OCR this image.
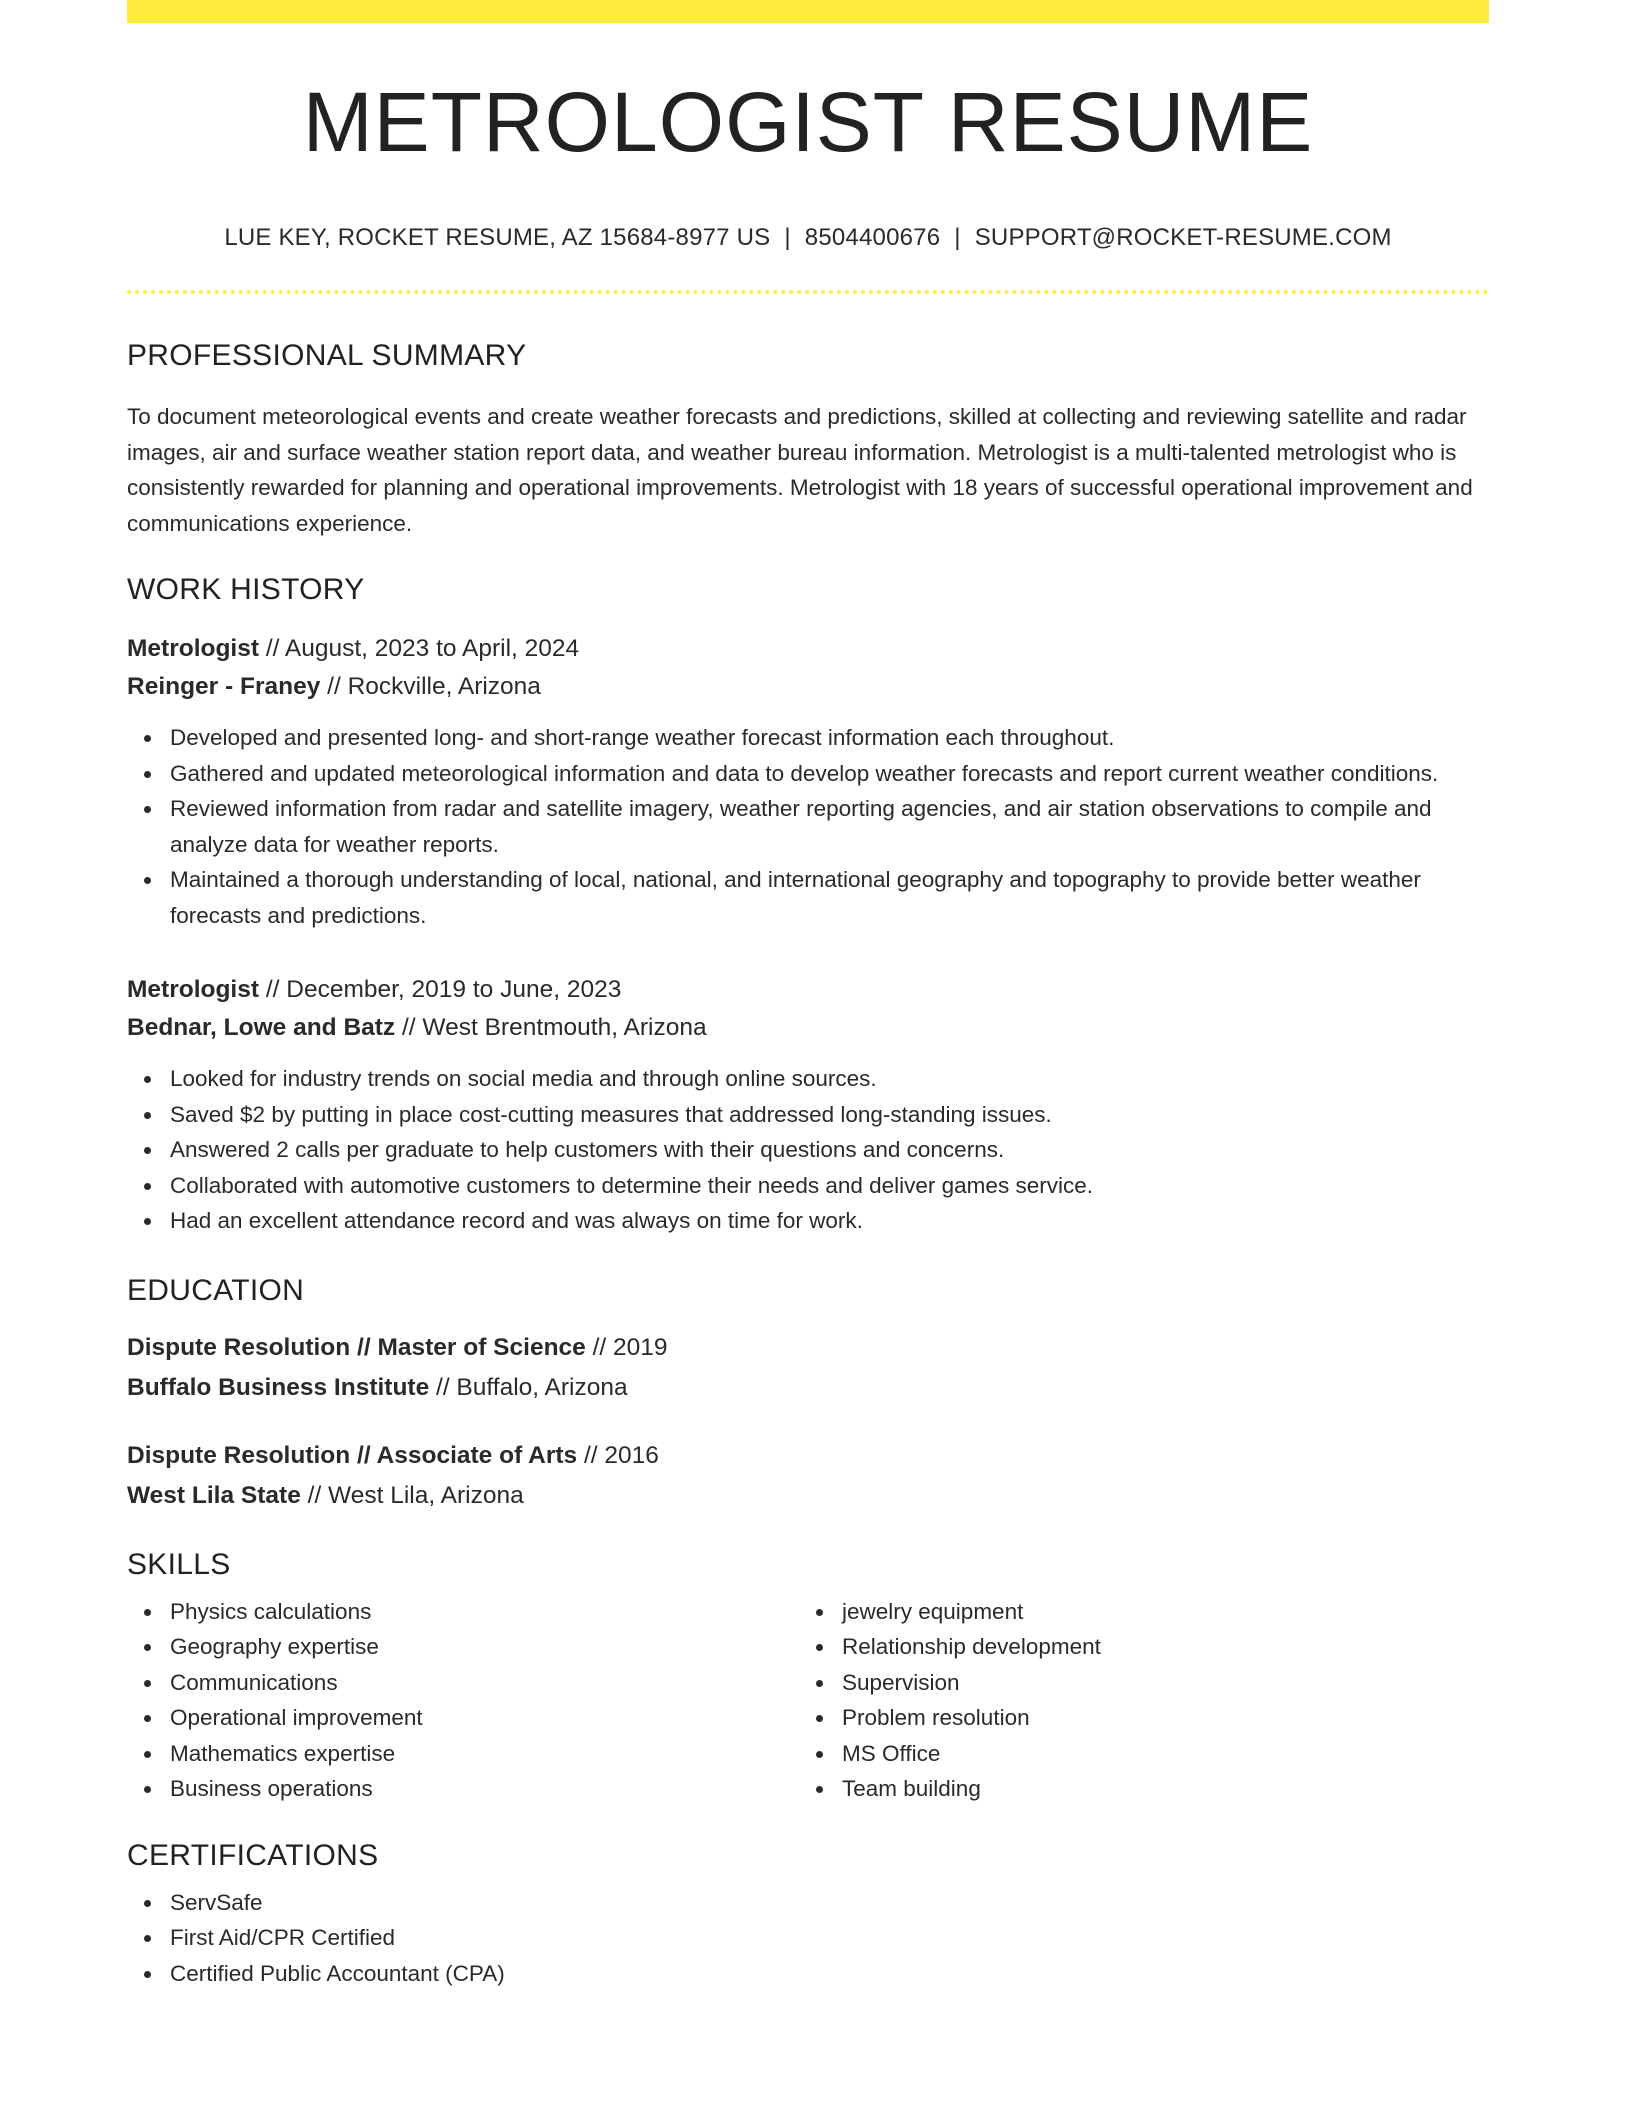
METROLOGIST RESUME
LUE KEY, ROCKET RESUME, AZ 15684-8977 US | 8504400676 | SUPPORT@ROCKET-RESUME.COM
PROFESSIONAL SUMMARY
To document meteorological events and create weather forecasts and predictions, skilled at collecting and reviewing satellite and radar images, air and surface weather station report data, and weather bureau information. Metrologist is a multi-talented metrologist who is consistently rewarded for planning and operational improvements. Metrologist with 18 years of successful operational improvement and communications experience.
WORK HISTORY
Metrologist // August, 2023 to April, 2024
Reinger - Franey // Rockville, Arizona
Developed and presented long- and short-range weather forecast information each throughout.
Gathered and updated meteorological information and data to develop weather forecasts and report current weather conditions.
Reviewed information from radar and satellite imagery, weather reporting agencies, and air station observations to compile and analyze data for weather reports.
Maintained a thorough understanding of local, national, and international geography and topography to provide better weather forecasts and predictions.
Metrologist // December, 2019 to June, 2023
Bednar, Lowe and Batz // West Brentmouth, Arizona
Looked for industry trends on social media and through online sources.
Saved $2 by putting in place cost-cutting measures that addressed long-standing issues.
Answered 2 calls per graduate to help customers with their questions and concerns.
Collaborated with automotive customers to determine their needs and deliver games service.
Had an excellent attendance record and was always on time for work.
EDUCATION
Dispute Resolution // Master of Science // 2019
Buffalo Business Institute // Buffalo, Arizona
Dispute Resolution // Associate of Arts // 2016
West Lila State // West Lila, Arizona
SKILLS
Physics calculations
Geography expertise
Communications
Operational improvement
Mathematics expertise
Business operations
jewelry equipment
Relationship development
Supervision
Problem resolution
MS Office
Team building
CERTIFICATIONS
ServSafe
First Aid/CPR Certified
Certified Public Accountant (CPA)
